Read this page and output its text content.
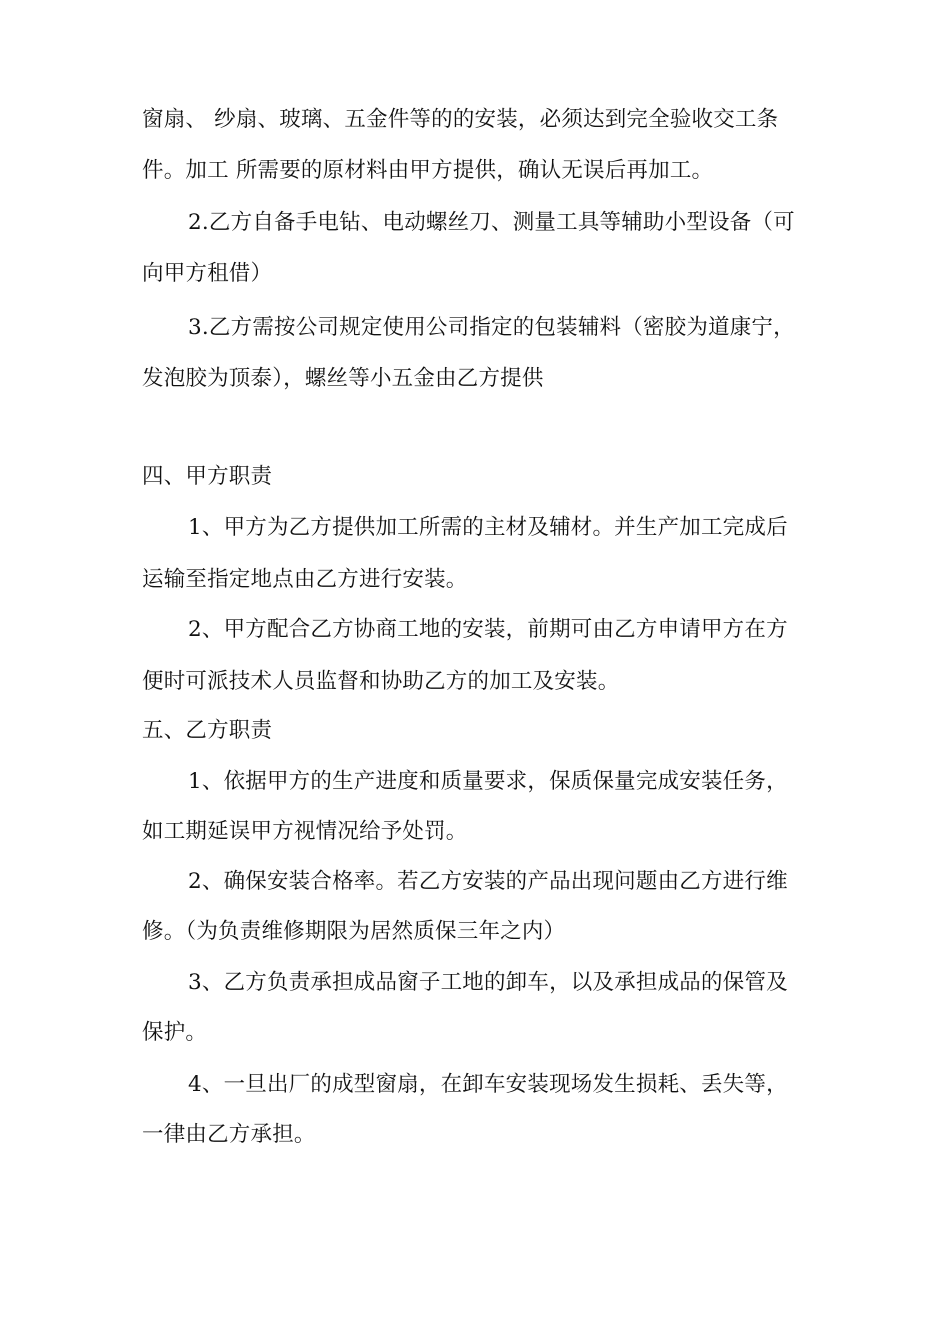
窗扇、 纱扇、玻璃、五金件等的的安装，必须达到完全验收交工条
件。加工 所需要的原材料由甲方提供，确认无误后再加工。
2.乙方自备手电钻、电动螺丝刀、测量工具等辅助小型设备（可
向甲方租借）
3.乙方需按公司规定使用公司指定的包装辅料（密胶为道康宁，
发泡胶为顶泰），螺丝等小五金由乙方提供
四、甲方职责
1、甲方为乙方提供加工所需的主材及辅材。并生产加工完成后
运输至指定地点由乙方进行安装。
2、甲方配合乙方协商工地的安装，前期可由乙方申请甲方在方
便时可派技术人员监督和协助乙方的加工及安装。
五、乙方职责
1、依据甲方的生产进度和质量要求，保质保量完成安装任务，
如工期延误甲方视情况给予处罚。
2、确保安装合格率。若乙方安装的产品出现问题由乙方进行维
修。（为负责维修期限为居然质保三年之内）
3、乙方负责承担成品窗子工地的卸车，以及承担成品的保管及
保护。
4、一旦出厂的成型窗扇，在卸车安装现场发生损耗、丢失等，
一律由乙方承担。
